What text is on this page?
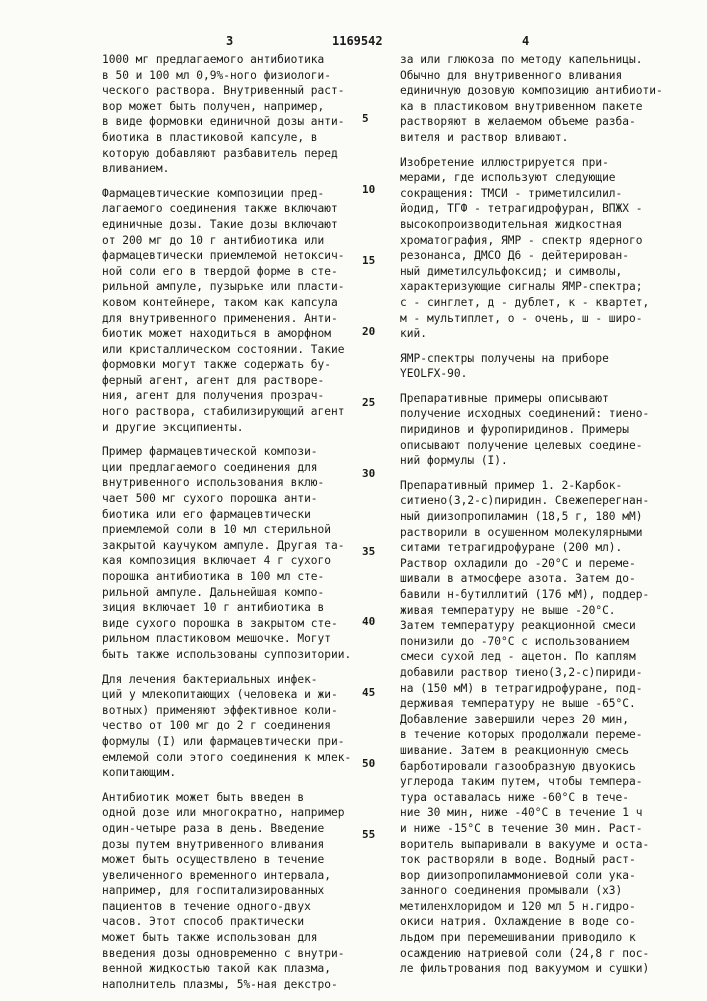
3	1169542	4

1000 мг предлагаемого антибиотика
в 50 и 100 мл 0,9%-ного физиологи-
ческого раствора. Внутривенный раст-
вор может быть получен, например,
в виде формовки единичной дозы анти-
биотика в пластиковой капсуле, в
которую добавляют разбавитель перед
вливанием.

Фармацевтические композиции пред-
лагаемого соединения также включают
единичные дозы. Такие дозы включают
от 200 мг до 10 г антибиотика или
фармацевтически приемлемой нетоксич-
ной соли его в твердой форме в сте-
рильной ампуле, пузырьке или пласти-
ковом контейнере, таком как капсула
для внутривенного применения. Анти-
биотик может находиться в аморфном
или кристаллическом состоянии. Такие
формовки могут также содержать бу-
ферный агент, агент для растворе-
ния, агент для получения прозрач-
ного раствора, стабилизирующий агент
и другие эксципиенты.

Пример фармацевтической компози-
ции предлагаемого соединения для
внутривенного использования вклю-
чает 500 мг сухого порошка анти-
биотика или его фармацевтически
приемлемой соли в 10 мл стерильной
закрытой каучуком ампуле. Другая та-
кая композиция включает 4 г сухого
порошка антибиотика в 100 мл сте-
рильной ампуле. Дальнейшая компо-
зиция включает 10 г антибиотика в
виде сухого порошка в закрытом сте-
рильном пластиковом мешочке. Могут
быть также использованы суппозитории.

Для лечения бактериальных инфек-
ций у млекопитающих (человека и жи-
вотных) применяют эффективное коли-
чество от 100 мг до 2 г соединения
формулы (I) или фармацевтически при-
емлемой соли этого соединения к млек-
копитающим.

Антибиотик может быть введен в
одной дозе или многократно, например
один-четыре раза в день. Введение
дозы путем внутривенного вливания
может быть осуществлено в течение
увеличенного временного интервала,
например, для госпитализированных
пациентов в течение одного-двух
часов. Этот способ практически
может быть также использован для
введения дозы одновременно с внутри-
венной жидкостью такой как плазма,
наполнитель плазмы, 5%-ная декстро-

за или глюкоза по методу капельницы.
Обычно для внутривенного вливания
единичную дозовую композицию антибиоти-
ка в пластиковом внутривенном пакете
растворяют в желаемом объеме разба-
вителя и раствор вливают.

Изобретение иллюстрируется при-
мерами, где используют следующие
сокращения: ТМСИ - триметилсилил-
йодид, ТГФ - тетрагидрофуран, ВПЖХ -
высокопроизводительная жидкостная
хроматография, ЯМР - спектр ядерного
резонанса, ДМСО Д6 - дейтерирован-
ный диметилсульфоксид; и символы,
характеризующие сигналы ЯМР-спектра;
с - синглет, д - дублет, к - квартет,
м - мультиплет, о - очень, ш - широ-
кий.

ЯМР-спектры получены на приборе
YEOLFX-90.

Препаративные примеры описывают
получение исходных соединений: тиено-
пиридинов и фуропиридинов. Примеры
описывают получение целевых соедине-
ний формулы (I).

Препаративный пример 1. 2-Карбок-
ситиено(3,2-с)пиридин. Свежеперегнан-
ный диизопропиламин (18,5 г, 180 мМ)
растворили в осушенном молекулярными
ситами тетрагидрофуране (200 мл).
Раствор охладили до -20°С и переме-
шивали в атмосфере азота. Затем до-
бавили н-бутиллитий (176 мМ), поддер-
живая температуру не выше -20°С.
Затем температуру реакционной смеси
понизили до -70°С с использованием
смеси сухой лед - ацетон. По каплям
добавили раствор тиено(3,2-с)пириди-
на (150 мМ) в тетрагидрофуране, под-
держивая температуру не выше -65°С.
Добавление завершили через 20 мин,
в течение которых продолжали переме-
шивание. Затем в реакционную смесь
барботировали газообразную двуокись
углерода таким путем, чтобы темпера-
тура оставалась ниже -60°С в тече-
ние 30 мин, ниже -40°С в течение 1 ч
и ниже -15°С в течение 30 мин. Раст-
воритель выпаривали в вакууме и оста-
ток растворяли в воде. Водный раст-
вор диизопропиламмониевой соли ука-
занного соединения промывали (х3)
метиленхлоридом и 120 мл 5 н.гидро-
окиси натрия. Охлаждение в воде со-
льдом при перемешивании приводило к
осаждению натриевой соли (24,8 г пос-
ле фильтрования под вакуумом и сушки)

5
10
15
20
25
30
35
40
45
50
55
